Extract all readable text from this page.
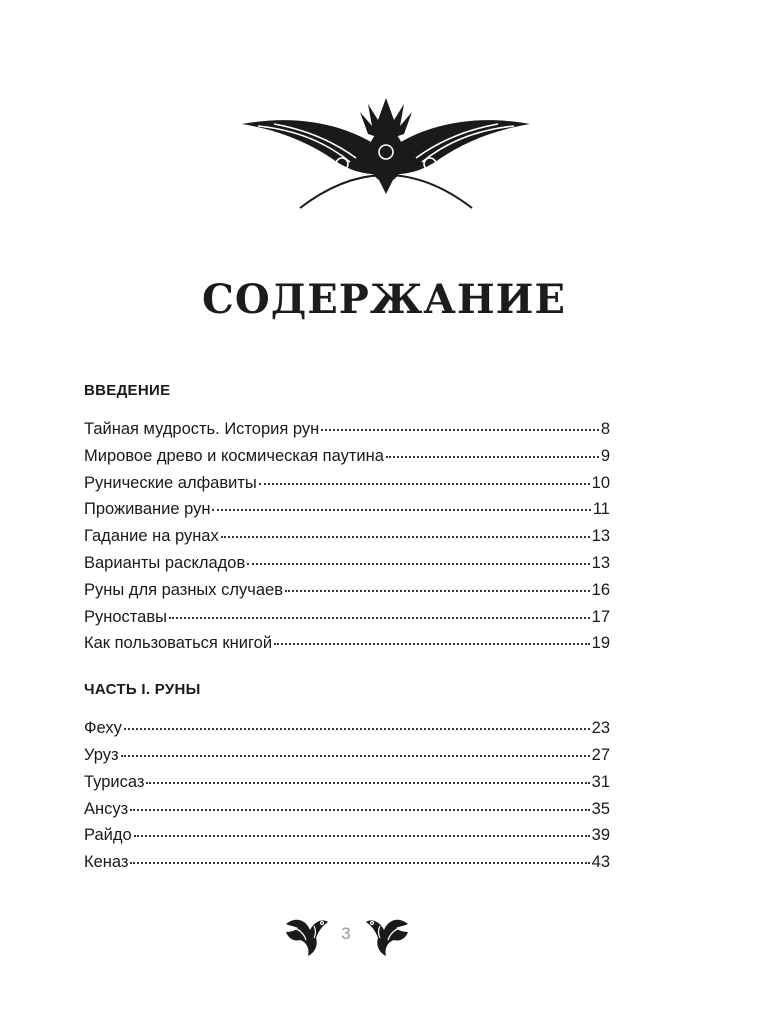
СОДЕРЖАНИЕ
ВВЕДЕНИЕ
Тайная мудрость. История рун	8
Мировое древо и космическая паутина	9
Рунические алфавиты	10
Проживание рун	11
Гадание на рунах	13
Варианты раскладов	13
Руны для разных случаев	16
Руноставы	17
Как пользоваться книгой	19
ЧАСТЬ I. РУНЫ
Феху	23
Уруз	27
Турисаз	31
Ансуз	35
Райдо	39
Кеназ	43
3
